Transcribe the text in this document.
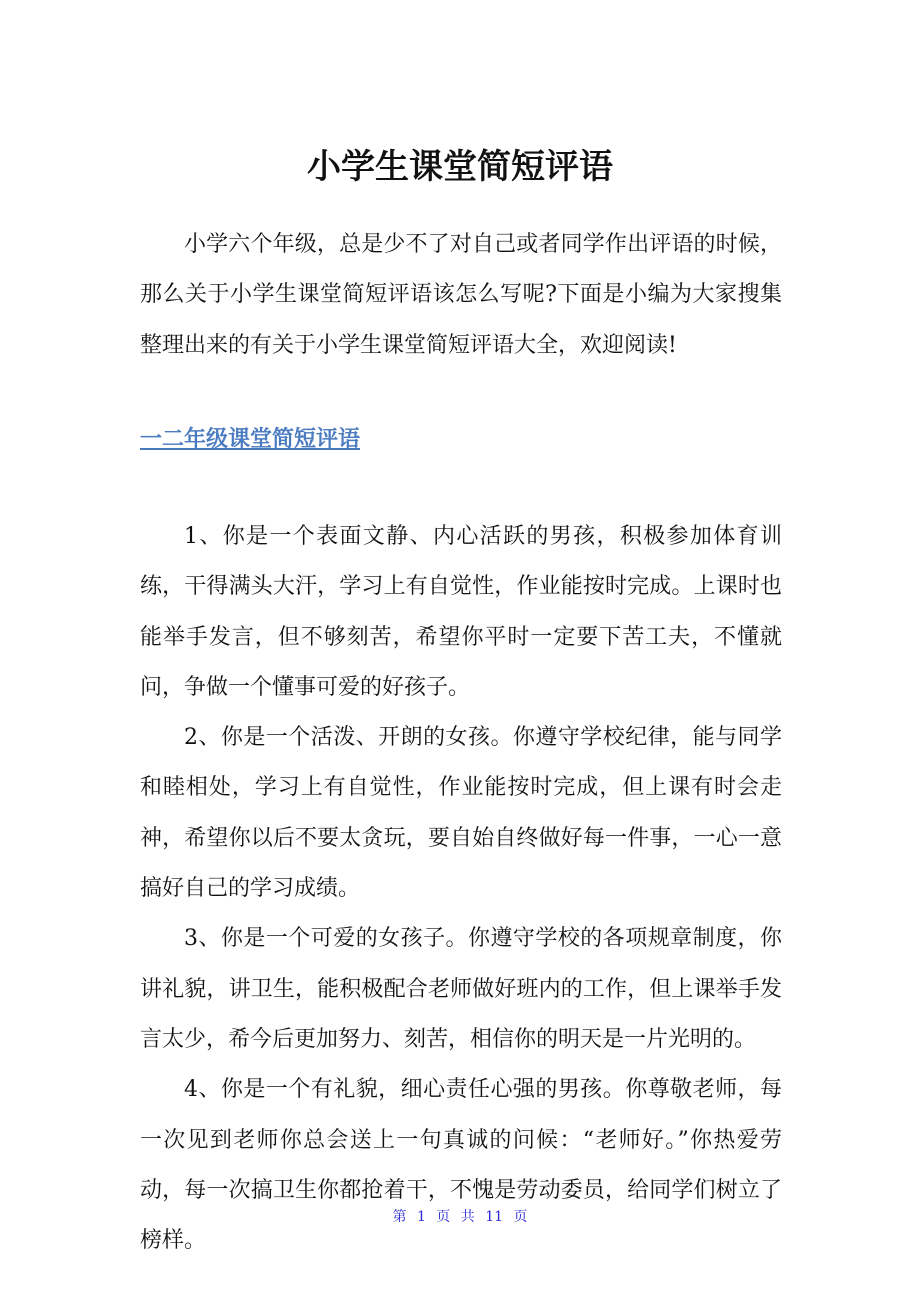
小学生课堂简短评语

小学六个年级，总是少不了对自己或者同学作出评语的时候，那么关于小学生课堂简短评语该怎么写呢?下面是小编为大家搜集整理出来的有关于小学生课堂简短评语大全，欢迎阅读!

一二年级课堂简短评语

1、你是一个表面文静、内心活跃的男孩，积极参加体育训练，干得满头大汗，学习上有自觉性，作业能按时完成。上课时也能举手发言，但不够刻苦，希望你平时一定要下苦工夫，不懂就问，争做一个懂事可爱的好孩子。

2、你是一个活泼、开朗的女孩。你遵守学校纪律，能与同学和睦相处，学习上有自觉性，作业能按时完成，但上课有时会走神，希望你以后不要太贪玩，要自始自终做好每一件事，一心一意搞好自己的学习成绩。

3、你是一个可爱的女孩子。你遵守学校的各项规章制度，你讲礼貌，讲卫生，能积极配合老师做好班内的工作，但上课举手发言太少，希今后更加努力、刻苦，相信你的明天是一片光明的。

4、你是一个有礼貌，细心责任心强的男孩。你尊敬老师，每一次见到老师你总会送上一句真诚的问候：“老师好。”你热爱劳动，每一次搞卫生你都抢着干，不愧是劳动委员，给同学们树立了榜样。

第 1 页 共 11 页
